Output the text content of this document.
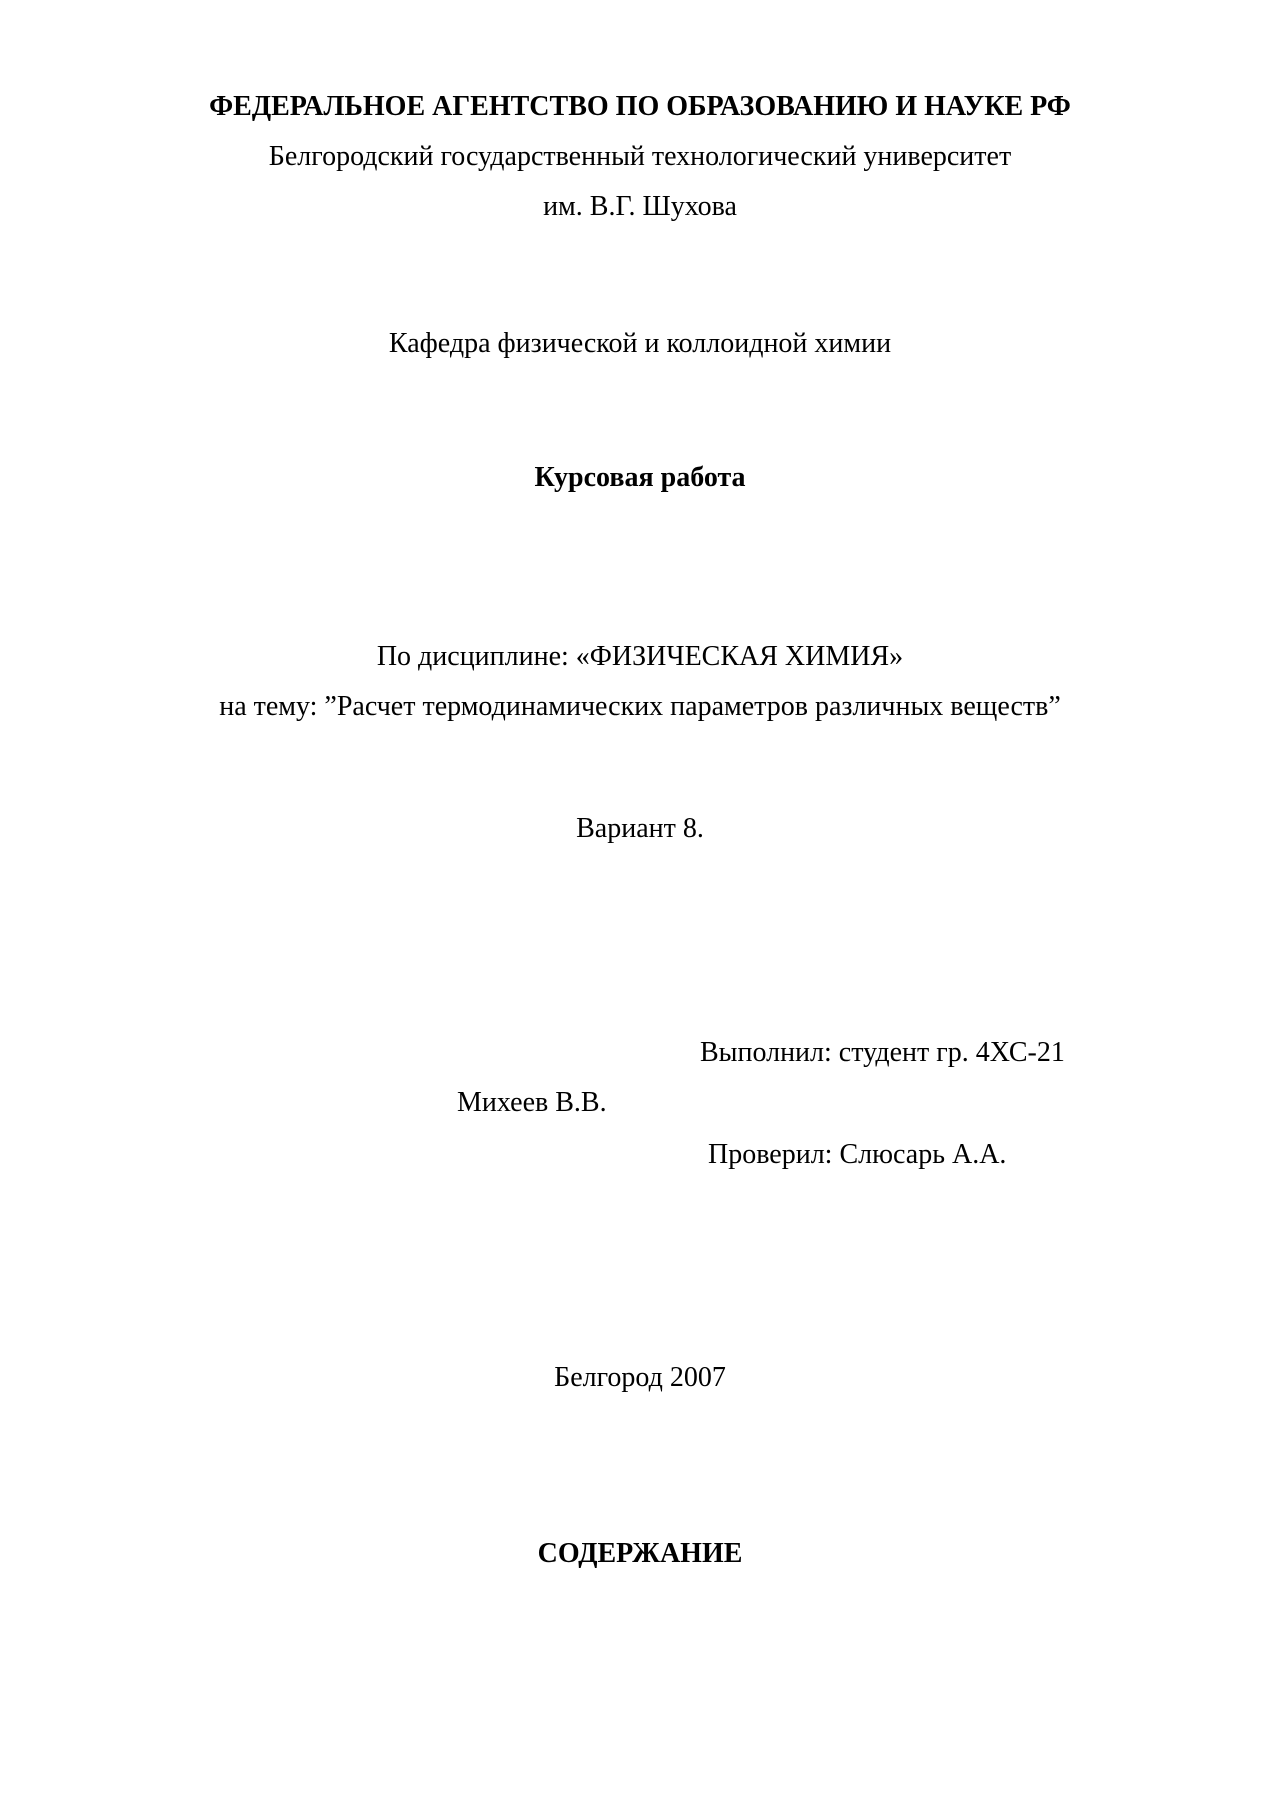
ФЕДЕРАЛЬНОЕ АГЕНТСТВО ПО ОБРАЗОВАНИЮ И НАУКЕ РФ
Белгородский государственный технологический университет
им. В.Г. Шухова
Кафедра физической и коллоидной химии
Курсовая работа
По дисциплине: «ФИЗИЧЕСКАЯ ХИМИЯ»
на тему: ”Расчет термодинамических параметров различных веществ”
Вариант 8.
Выполнил: студент гр. 4ХС-21
Михеев В.В.
Проверил: Слюсарь А.А.
Белгород 2007
СОДЕРЖАНИЕ
